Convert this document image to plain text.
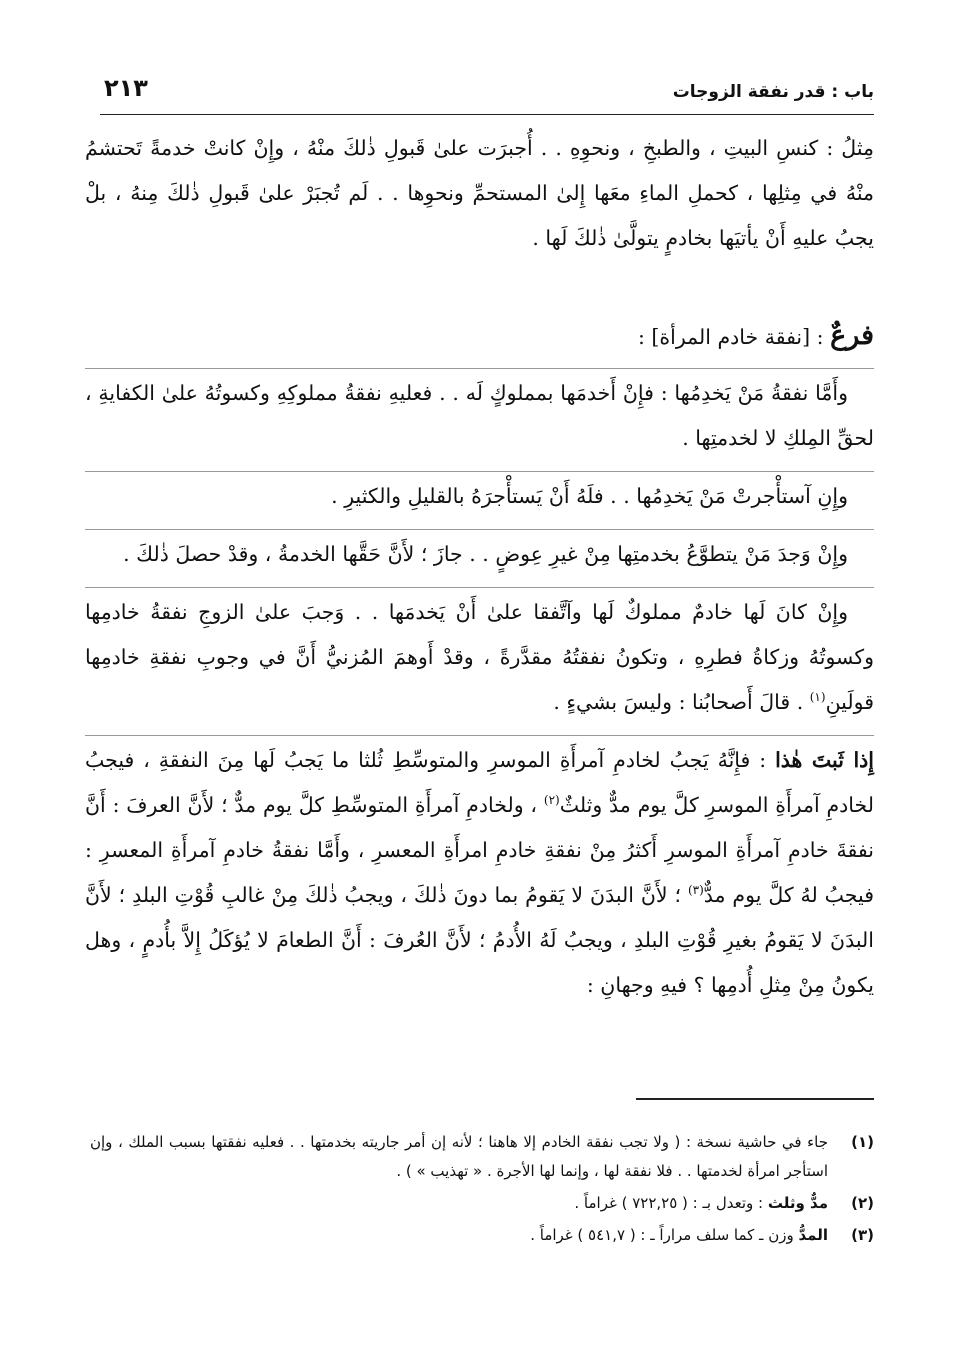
باب : قدر نفقة الزوجات
٢١٣

مِثلُ : كنسِ البيتِ ، والطبخِ ، ونحوِهِ . . أُجبرَت علىٰ قَبولِ ذٰلكَ منْهُ ، وإِنْ كانتْ خدمةً تَحتشمُ منْهُ في مِثلِها ، كحملِ الماءِ معَها إِلىٰ المستحمِّ ونحوِها . . لَم تُجبَرْ علىٰ قَبولِ ذٰلكَ مِنهُ ، بلْ يجبُ عليهِ أَنْ يأتيَها بخادمٍ يتولَّىٰ ذٰلكَ لَها .

فرعٌ : [نفقة خادم المرأة] :

وأَمَّا نفقةُ مَنْ يَخدِمُها : فإِنْ أَخدمَها بمملوكٍ لَه . . فعليهِ نفقةُ مملوكِهِ وكسوتُهُ علىٰ الكفايةِ ، لحقِّ المِلكِ لا لخدمتِها .

وإِنِ آستأْجرتْ مَنْ يَخدِمُها . . فلَهُ أَنْ يَستأْجرَهُ بالقليلِ والكثيرِ .

وإِنْ وَجدَ مَنْ يتطوَّعُ بخدمتِها مِنْ غيرِ عِوضٍ . . جازَ ؛ لأَنَّ حَقَّها الخدمةُ ، وقدْ حصلَ ذٰلكَ .

وإِنْ كانَ لَها خادمٌ مملوكٌ لَها وآتَّفقا علىٰ أَنْ يَخدمَها . . وَجبَ علىٰ الزوجِ نفقةُ خادمِها وكسوتُهُ وزكاةُ فطرِهِ ، وتكونُ نفقتُهُ مقدَّرةً ، وقدْ أَوهمَ المُزنيُّ أَنَّ في وجوبِ نفقةِ خادمِها قولَينِ$^{(١)}$ . قالَ أَصحابُنا : وليسَ بشيءٍ .

إِذا ثَبتَ هٰذا : فإِنَّهُ يَجبُ لخادمِ آمرأَةِ الموسرِ والمتوسِّطِ ثُلثا ما يَجبُ لَها مِنَ النفقةِ ، فيجبُ لخادمِ آمرأَةِ الموسرِ كلَّ يوم مدٌّ وثلثٌ$^{(٢)}$ ، ولخادمِ آمرأَةِ المتوسِّطِ كلَّ يوم مدٌّ ؛ لأَنَّ العرفَ : أَنَّ نفقةَ خادمِ آمرأَةِ الموسرِ أَكثرُ مِنْ نفقةِ خادمِ امرأَةِ المعسرِ ، وأَمَّا نفقةُ خادمِ آمرأَةِ المعسرِ : فيجبُ لهُ كلَّ يوم مدٌّ$^{(٣)}$ ؛ لأَنَّ البدَنَ لا يَقومُ بما دونَ ذٰلكَ ، ويجبُ ذٰلكَ مِنْ غالبِ قُوْتِ البلدِ ؛ لأَنَّ البدَنَ لا يَقومُ بغيرِ قُوْتِ البلدِ ، ويجبُ لَهُ الأُدمُ ؛ لأَنَّ العُرفَ : أَنَّ الطعامَ لا يُؤكَلُ إِلاَّ بأُدمٍ ، وهل يكونُ مِنْ مِثلِ أُدمِها ؟ فيهِ وجهانِ :

(١)
جاء في حاشية نسخة : ( ولا تجب نفقة الخادم إلا هاهنا ؛ لأنه إن أمر جاريته بخدمتها . . فعليه نفقتها بسبب الملك ، وإن استأجر امرأة لخدمتها . . فلا نفقة لها ، وإنما لها الأجرة . « تهذيب » ) .
(٢)
مدٌّ وثلث : وتعدل بـ : ( ٧٢٢,٢٥ ) غراماً .
(٣)
المدُّ وزن ـ كما سلف مراراً ـ : ( ٥٤١,٧ ) غراماً .
